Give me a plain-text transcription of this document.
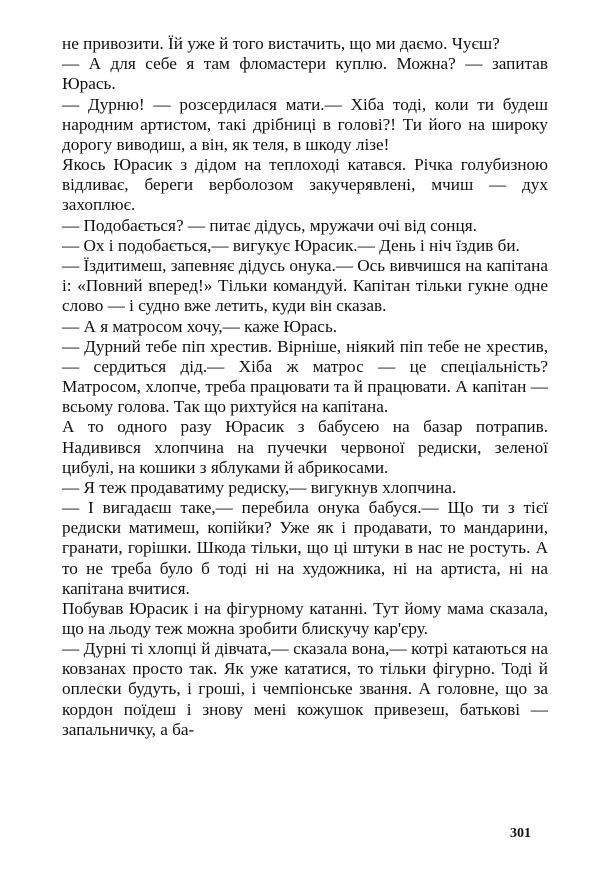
не привозити. Їй уже й того вистачить, що ми даємо. Чуєш?

— А для себе я там фломастери куплю. Можна? — запитав Юрась.

— Дурню! — розсердилася мати.— Хіба тоді, коли ти будеш народним артистом, такі дрібниці в голові?! Ти його на широку дорогу виводиш, а він, як теля, в шкоду лізе!

Якось Юрасик з дідом на теплоході катався. Річка голубизною відливає, береги верболозом закучерявлені, мчиш — дух захоплює.

— Подобається? — питає дідусь, мружачи очі від сонця.

— Ох і подобається,— вигукує Юрасик.— День і ніч їздив би.

— Їздитимеш, запевняє дідусь онука.— Ось вивчишся на капітана і: «Повний вперед!» Тільки командуй. Капітан тільки гукне одне слово — і судно вже летить, куди він сказав.

— А я матросом хочу,— каже Юрась.

— Дурний тебе піп хрестив. Вірніше, ніякий піп тебе не хрестив,— сердиться дід.— Хіба ж матрос — це спеціальність? Матросом, хлопче, треба працювати та й працювати. А капітан — всьому голова. Так що рихтуйся на капітана.

А то одного разу Юрасик з бабусею на базар потрапив. Надивився хлопчина на пучечки червоної редиски, зеленої цибулі, на кошики з яблуками й абрикосами.

— Я теж продаватиму редиску,— вигукнув хлопчина.

— І вигадаєш таке,— перебила онука бабуся.— Що ти з тієї редиски матимеш, копійки? Уже як і продавати, то мандарини, гранати, горішки. Шкода тільки, що ці штуки в нас не ростуть. А то не треба було б тоді ні на художника, ні на артиста, ні на капітана вчитися.

Побував Юрасик і на фігурному катанні. Тут йому мама сказала, що на льоду теж можна зробити блискучу кар'єру.

— Дурні ті хлопці й дівчата,— сказала вона,— котрі катаються на ковзанах просто так. Як уже кататися, то тільки фігурно. Тоді й оплески будуть, і гроші, і чемпіонське звання. А головне, що за кордон поїдеш і знову мені кожушок привезеш, батькові — запальничку, а ба-

301
